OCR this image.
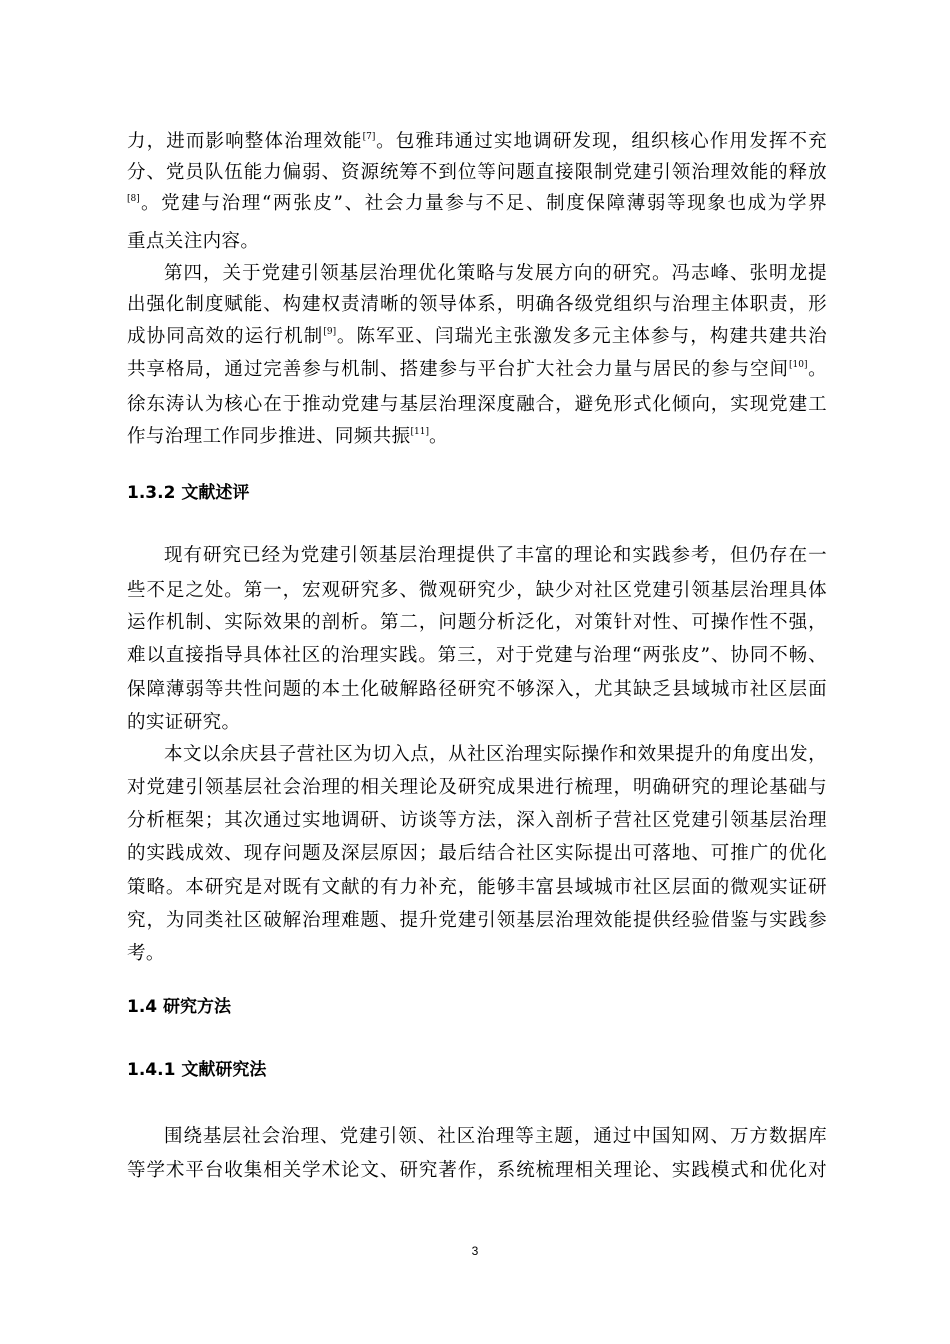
力，进而影响整体治理效能[7]。包雅玮通过实地调研发现，组织核心作用发挥不充
分、党员队伍能力偏弱、资源统筹不到位等问题直接限制党建引领治理效能的释放
[8]。党建与治理“两张皮”、社会力量参与不足、制度保障薄弱等现象也成为学界
重点关注内容。
第四，关于党建引领基层治理优化策略与发展方向的研究。冯志峰、张明龙提
出强化制度赋能、构建权责清晰的领导体系，明确各级党组织与治理主体职责，形
成协同高效的运行机制[9]。陈军亚、闫瑞光主张激发多元主体参与，构建共建共治
共享格局，通过完善参与机制、搭建参与平台扩大社会力量与居民的参与空间[10]。
徐东涛认为核心在于推动党建与基层治理深度融合，避免形式化倾向，实现党建工
作与治理工作同步推进、同频共振[11]。
1.3.2 文献述评
现有研究已经为党建引领基层治理提供了丰富的理论和实践参考，但仍存在一
些不足之处。第一，宏观研究多、微观研究少，缺少对社区党建引领基层治理具体
运作机制、实际效果的剖析。第二，问题分析泛化，对策针对性、可操作性不强，
难以直接指导具体社区的治理实践。第三，对于党建与治理“两张皮”、协同不畅、
保障薄弱等共性问题的本土化破解路径研究不够深入，尤其缺乏县域城市社区层面
的实证研究。
本文以余庆县子营社区为切入点，从社区治理实际操作和效果提升的角度出发，
对党建引领基层社会治理的相关理论及研究成果进行梳理，明确研究的理论基础与
分析框架；其次通过实地调研、访谈等方法，深入剖析子营社区党建引领基层治理
的实践成效、现存问题及深层原因；最后结合社区实际提出可落地、可推广的优化
策略。本研究是对既有文献的有力补充，能够丰富县域城市社区层面的微观实证研
究，为同类社区破解治理难题、提升党建引领基层治理效能提供经验借鉴与实践参
考。
1.4 研究方法
1.4.1 文献研究法
围绕基层社会治理、党建引领、社区治理等主题，通过中国知网、万方数据库
等学术平台收集相关学术论文、研究著作，系统梳理相关理论、实践模式和优化对
3
